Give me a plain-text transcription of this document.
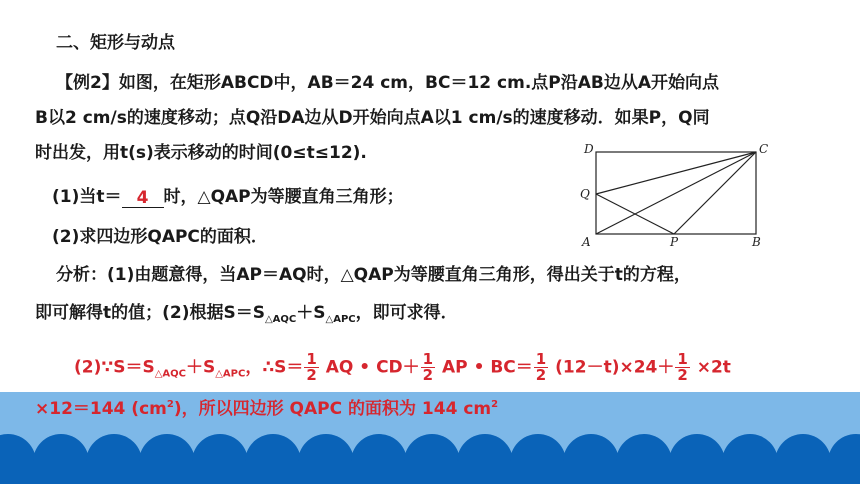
二、矩形与动点
【例2】如图，在矩形ABCD中，AB＝24 cm，BC＝12 cm.点P沿AB边从A开始向点
B以2 cm/s的速度移动；点Q沿DA边从D开始向点A以1 cm/s的速度移动．如果P，Q同
时出发，用t(s)表示移动的时间(0≤t≤12).
(1)当t＝ 4 时，△QAP为等腰直角三角形；
(2)求四边形QAPC的面积．
分析：(1)由题意得，当AP＝AQ时，△QAP为等腰直角三角形，得出关于t的方程，
即可解得t的值；(2)根据$S=S_{\triangle AQC}+S_{\triangle APC}$，即可求得．
$(2)\because S=S_{\triangle AQC}+S_{\triangle APC}$，∴S＝ $\frac{1}{2}$ AQ • $CD+ \frac{1}{2}$ AP • $BC= \frac{1}{2} (12-t)\times 24+ \frac{1}{2} \times 2t$
×12＝144 $(cm^2)$，所以四边形 QAPC 的面积为 144 $cm^2$
D	C
Q
A	P	B
